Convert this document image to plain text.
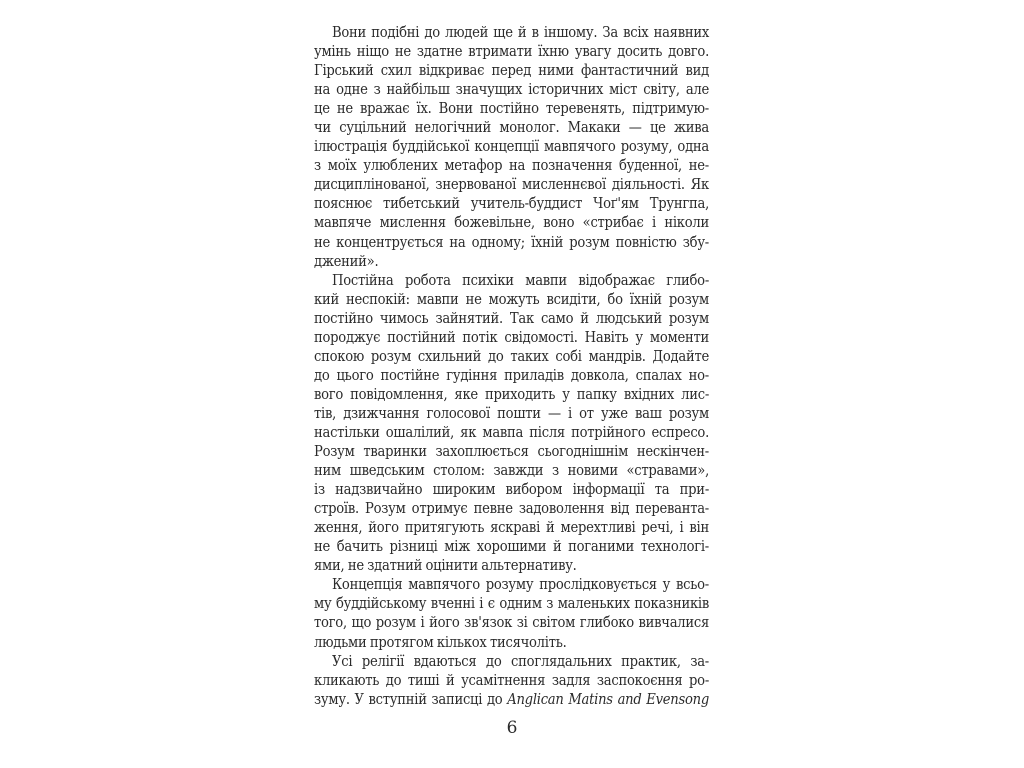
Вони подібні до людей ще й в іншому. За всіх наявних
умінь ніщо не здатне втримати їхню увагу досить довго.
Гірський схил відкриває перед ними фантастичний вид
на одне з найбільш значущих історичних міст світу, але
це не вражає їх. Вони постійно теревенять, підтримую-
чи суцільний нелогічний монолог. Макаки — це жива
ілюстрація буддійської концепції мавпячого розуму, одна
з моїх улюблених метафор на позначення буденної, не-
дисциплінованої, знервованої мисленнєвої діяльності. Як
пояснює тибетський учитель-буддист Чоґ'ям Трунгпа,
мавпяче мислення божевільне, воно «стрибає і ніколи
не концентрується на одному; їхній розум повністю збу-
джений».

Постійна робота психіки мавпи відображає глибо-
кий неспокій: мавпи не можуть всидіти, бо їхній розум
постійно чимось зайнятий. Так само й людський розум
породжує постійний потік свідомості. Навіть у моменти
спокою розум схильний до таких собі мандрів. Додайте
до цього постійне гудіння приладів довкола, спалах но-
вого повідомлення, яке приходить у папку вхідних лис-
тів, дзижчання голосової пошти — і от уже ваш розум
настільки ошалілий, як мавпа після потрійного еспресо.
Розум тваринки захоплюється сьогоднішнім нескінчен-
ним шведським столом: завжди з новими «стравами»,
із надзвичайно широким вибором інформації та при-
строїв. Розум отримує певне задоволення від переванта-
ження, його притягують яскраві й мерехтливі речі, і він
не бачить різниці між хорошими й поганими технологі-
ями, не здатний оцінити альтернативу.

Концепція мавпячого розуму прослідковується у всьо-
му буддійському вченні і є одним з маленьких показників
того, що розум і його зв'язок зі світом глибоко вивчалися
людьми протягом кількох тисячоліть.

Усі релігії вдаються до споглядальних практик, за-
кликають до тиші й усамітнення задля заспокоєння ро-
зуму. У вступній записці до Anglican Matins and Evensong

6
